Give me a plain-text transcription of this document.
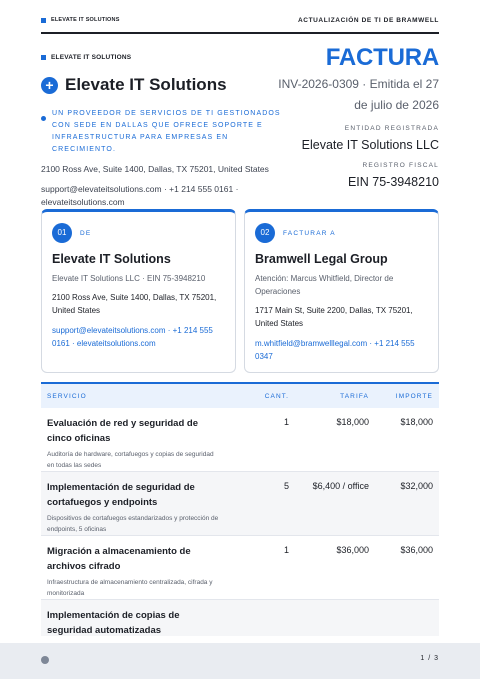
ELEVATE IT SOLUTIONS	ACTUALIZACIÓN DE TI DE BRAMWELL
ELEVATE IT SOLUTIONS
+ Elevate IT Solutions
UN PROVEEDOR DE SERVICIOS DE TI GESTIONADOS CON SEDE EN DALLAS QUE OFRECE SOPORTE E INFRAESTRUCTURA PARA EMPRESAS EN CRECIMIENTO.
2100 Ross Ave, Suite 1400, Dallas, TX 75201, United States
support@elevateitsolutions.com · +1 214 555 0161 · elevateitsolutions.com
FACTURA
INV-2026-0309 · Emitida el 27 de julio de 2026
ENTIDAD REGISTRADA
Elevate IT Solutions LLC
REGISTRO FISCAL
EIN 75-3948210
01	DE
Elevate IT Solutions
Elevate IT Solutions LLC · EIN 75-3948210
2100 Ross Ave, Suite 1400, Dallas, TX 75201, United States
support@elevateitsolutions.com · +1 214 555 0161 · elevateitsolutions.com
02	FACTURAR A
Bramwell Legal Group
Atención: Marcus Whitfield, Director de Operaciones
1717 Main St, Suite 2200, Dallas, TX 75201, United States
m.whitfield@bramwelllegal.com · +1 214 555 0347
SERVICIO	CANT.	TARIFA	IMPORTE
Evaluación de red y seguridad de cinco oficinas
Auditoría de hardware, cortafuegos y copias de seguridad en todas las sedes
1	$18,000	$18,000
Implementación de seguridad de cortafuegos y endpoints
Dispositivos de cortafuegos estandarizados y protección de endpoints, 5 oficinas
5	$6,400 / office	$32,000
Migración a almacenamiento de archivos cifrado
Infraestructura de almacenamiento centralizada, cifrada y monitorizada
1	$36,000	$36,000
Implementación de copias de seguridad automatizadas
1 / 3
